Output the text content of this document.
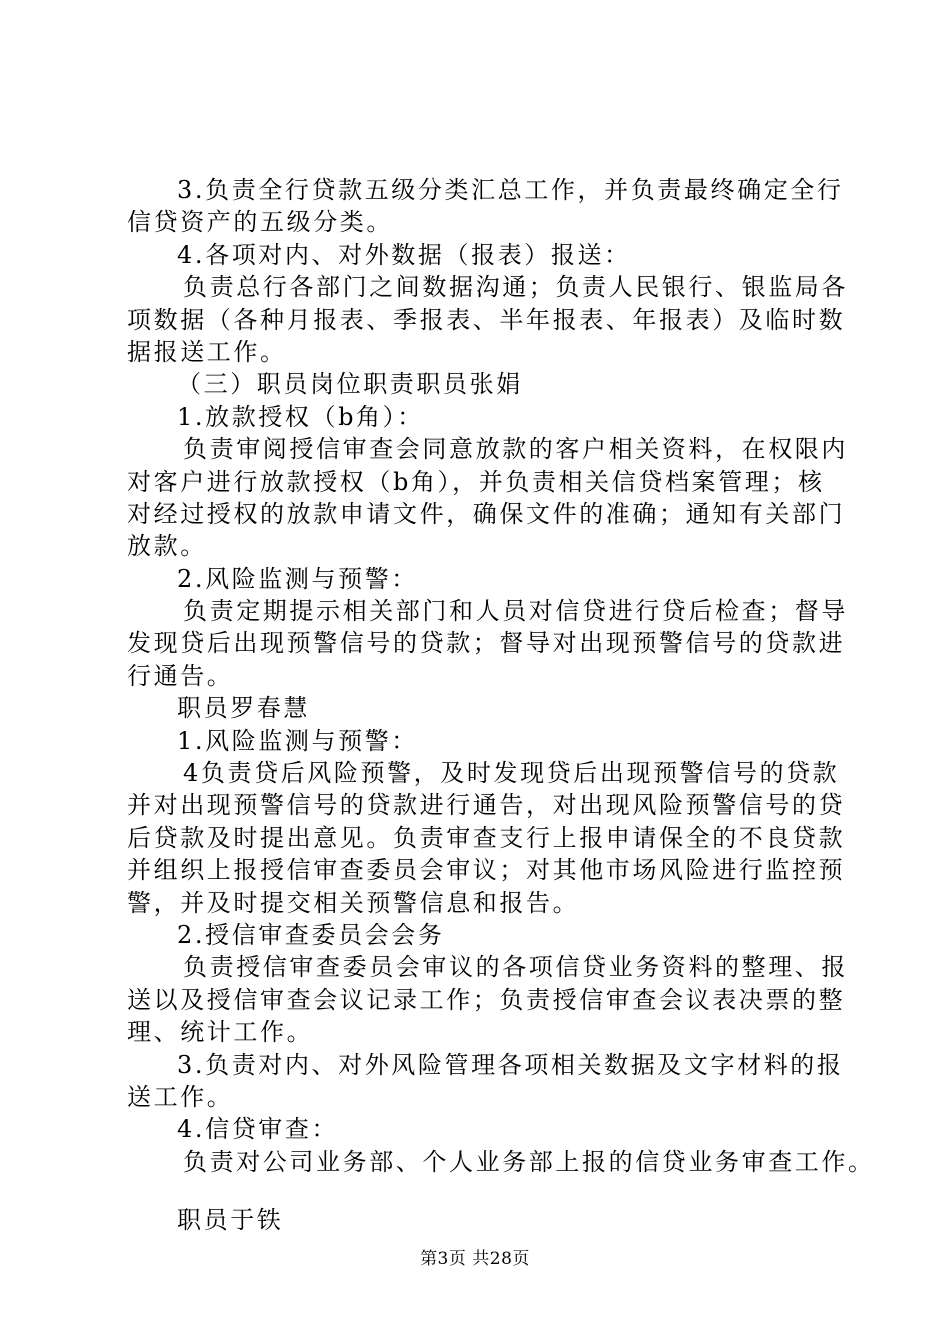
3.负责全行贷款五级分类汇总工作，并负责最终确定全行
信贷资产的五级分类。
4.各项对内、对外数据（报表）报送：
负责总行各部门之间数据沟通；负责人民银行、银监局各
项数据（各种月报表、季报表、半年报表、年报表）及临时数
据报送工作。
（三）职员岗位职责职员张娟
1.放款授权（b角）：
负责审阅授信审查会同意放款的客户相关资料，在权限内
对客户进行放款授权（b角），并负责相关信贷档案管理；核
对经过授权的放款申请文件，确保文件的准确；通知有关部门
放款。
2.风险监测与预警：
负责定期提示相关部门和人员对信贷进行贷后检查；督导
发现贷后出现预警信号的贷款；督导对出现预警信号的贷款进
行通告。
职员罗春慧
1.风险监测与预警：
4负责贷后风险预警，及时发现贷后出现预警信号的贷款
并对出现预警信号的贷款进行通告，对出现风险预警信号的贷
后贷款及时提出意见。负责审查支行上报申请保全的不良贷款
并组织上报授信审查委员会审议；对其他市场风险进行监控预
警，并及时提交相关预警信息和报告。
2.授信审查委员会会务
负责授信审查委员会审议的各项信贷业务资料的整理、报
送以及授信审查会议记录工作；负责授信审查会议表决票的整
理、统计工作。
3.负责对内、对外风险管理各项相关数据及文字材料的报
送工作。
4.信贷审查：
负责对公司业务部、个人业务部上报的信贷业务审查工作。
职员于铁
第3页 共28页
